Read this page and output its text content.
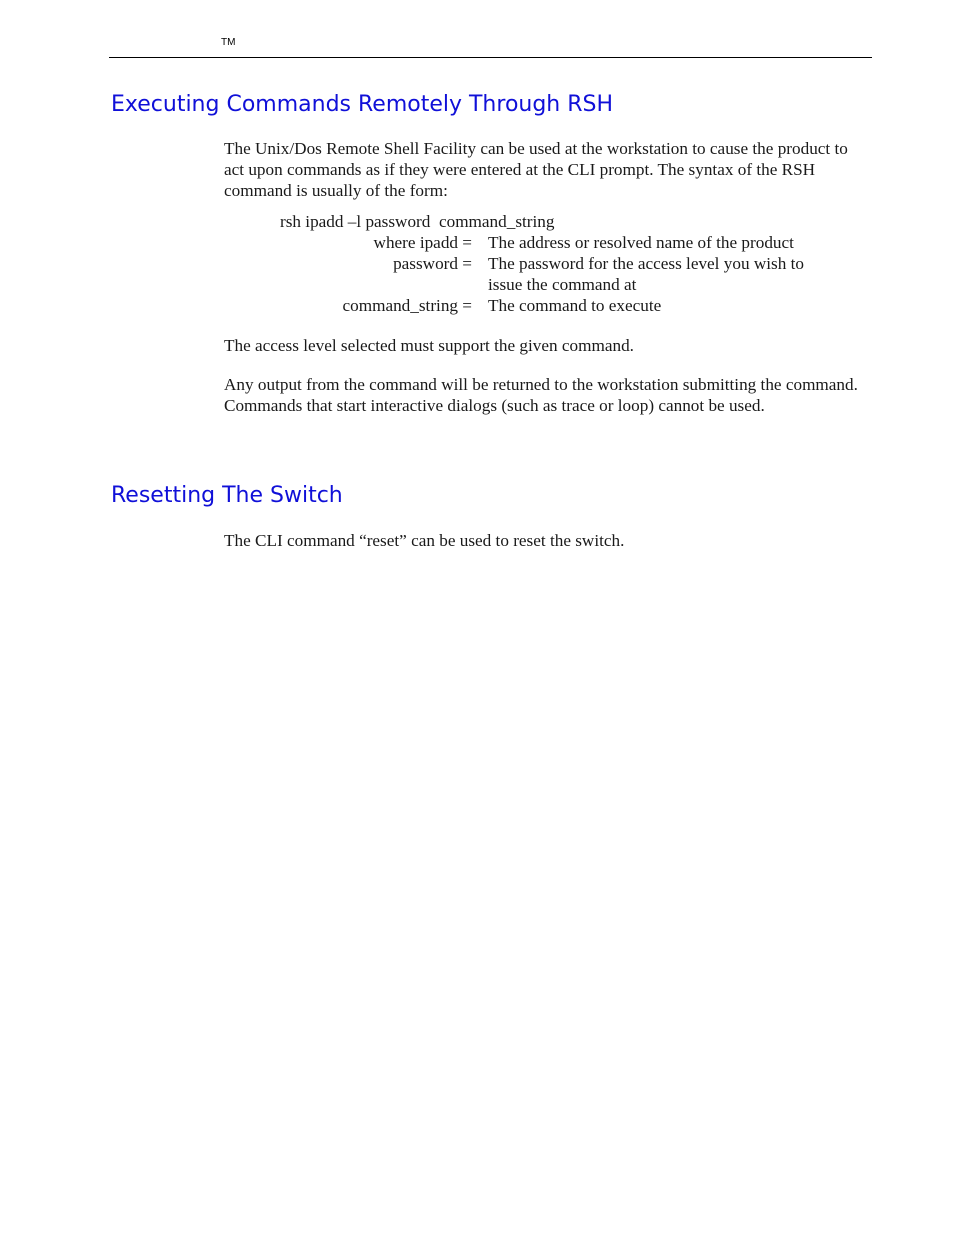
TM
Executing Commands Remotely Through RSH

The Unix/Dos Remote Shell Facility can be used at the workstation to cause the product to act upon commands as if they were entered at the CLI prompt. The syntax of the RSH command is usually of the form:

rsh ipadd –l password  command_string
where ipadd = The address or resolved name of the product
password = The password for the access level you wish to issue the command at
command_string = The command to execute

The access level selected must support the given command.

Any output from the command will be returned to the workstation submitting the command. Commands that start interactive dialogs (such as trace or loop) cannot be used.

Resetting The Switch

The CLI command “reset” can be used to reset the switch.
